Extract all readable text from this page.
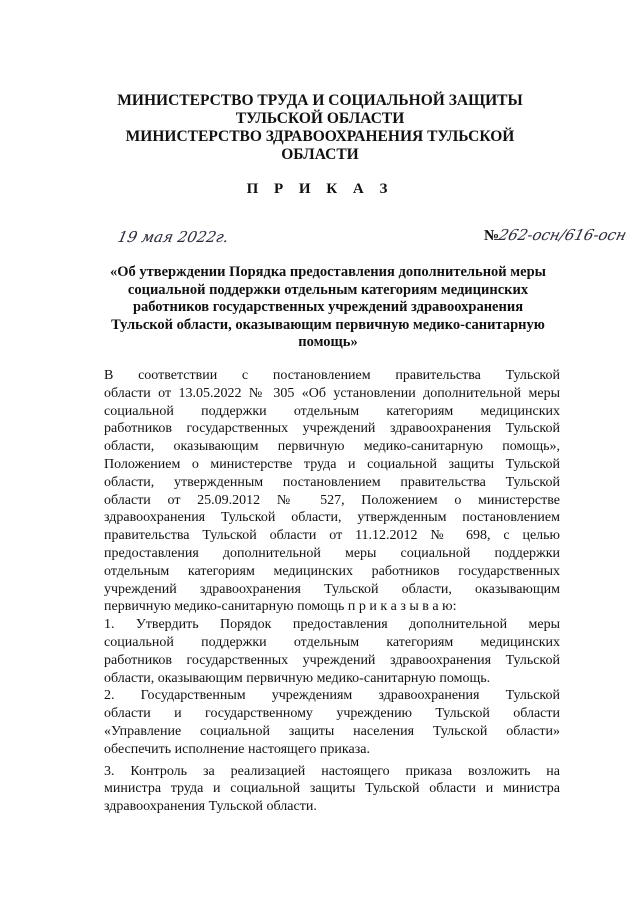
МИНИСТЕРСТВО ТРУДА И СОЦИАЛЬНОЙ ЗАЩИТЫ
ТУЛЬСКОЙ ОБЛАСТИ
МИНИСТЕРСТВО ЗДРАВООХРАНЕНИЯ ТУЛЬСКОЙ
ОБЛАСТИ
П Р И К А З
19 мая 2022г.	№262-осн/616-осн
«Об утверждении Порядка предоставления дополнительной меры
социальной поддержки отдельным категориям медицинских
работников государственных учреждений здравоохранения
Тульской области, оказывающим первичную медико-санитарную
помощь»
В соответствии с постановлением правительства Тульской
области от 13.05.2022 № 305 «Об установлении дополнительной меры
социальной поддержки отдельным категориям медицинских
работников государственных учреждений здравоохранения Тульской
области, оказывающим первичную медико-санитарную помощь»,
Положением о министерстве труда и социальной защиты Тульской
области, утвержденным постановлением правительства Тульской
области от 25.09.2012 № 527, Положением о министерстве
здравоохранения Тульской области, утвержденным постановлением
правительства Тульской области от 11.12.2012 № 698, с целью
предоставления дополнительной меры социальной поддержки
отдельным категориям медицинских работников государственных
учреждений здравоохранения Тульской области, оказывающим
первичную медико-санитарную помощь п р и к а з ы в а ю:
1. Утвердить Порядок предоставления дополнительной меры
социальной поддержки отдельным категориям медицинских
работников государственных учреждений здравоохранения Тульской
области, оказывающим первичную медико-санитарную помощь.
2. Государственным учреждениям здравоохранения Тульской
области и государственному учреждению Тульской области
«Управление социальной защиты населения Тульской области»
обеспечить исполнение настоящего приказа.
3. Контроль за реализацией настоящего приказа возложить на
министра труда и социальной защиты Тульской области и министра
здравоохранения Тульской области.
